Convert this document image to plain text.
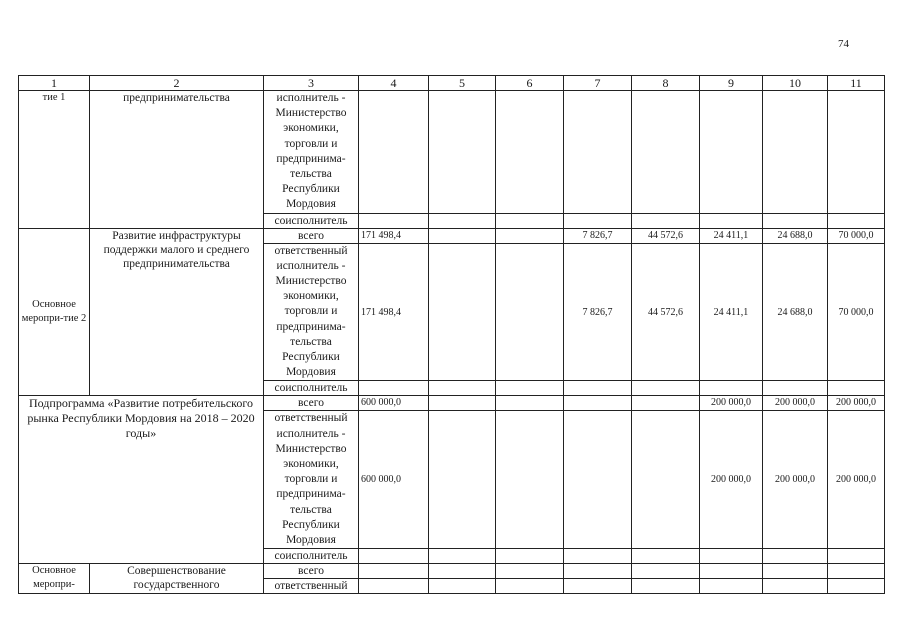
74
1	2	3	4	5	6	7	8	9	10	11
тие 1	предпринимательства	исполнитель - Министерство экономики, торговли и предпринима-тельства Республики Мордовия								
		соисполнитель								
Основное меропри-тие 2	Развитие инфраструктуры поддержки малого и среднего предпринимательства	всего	171 498,4			7 826,7	44 572,6	24 411,1	24 688,0	70 000,0
		ответственный исполнитель - Министерство экономики, торговли и предпринима-тельства Республики Мордовия	171 498,4			7 826,7	44 572,6	24 411,1	24 688,0	70 000,0
		соисполнитель								
Подпрограмма «Развитие потребительского рынка Республики Мордовия на 2018 – 2020 годы»		всего	600 000,0					200 000,0	200 000,0	200 000,0
		ответственный исполнитель - Министерство экономики, торговли и предпринима-тельства Республики Мордовия	600 000,0					200 000,0	200 000,0	200 000,0
		соисполнитель								
Основное меропри-	Совершенствование государственного	всего								
		ответственный								
